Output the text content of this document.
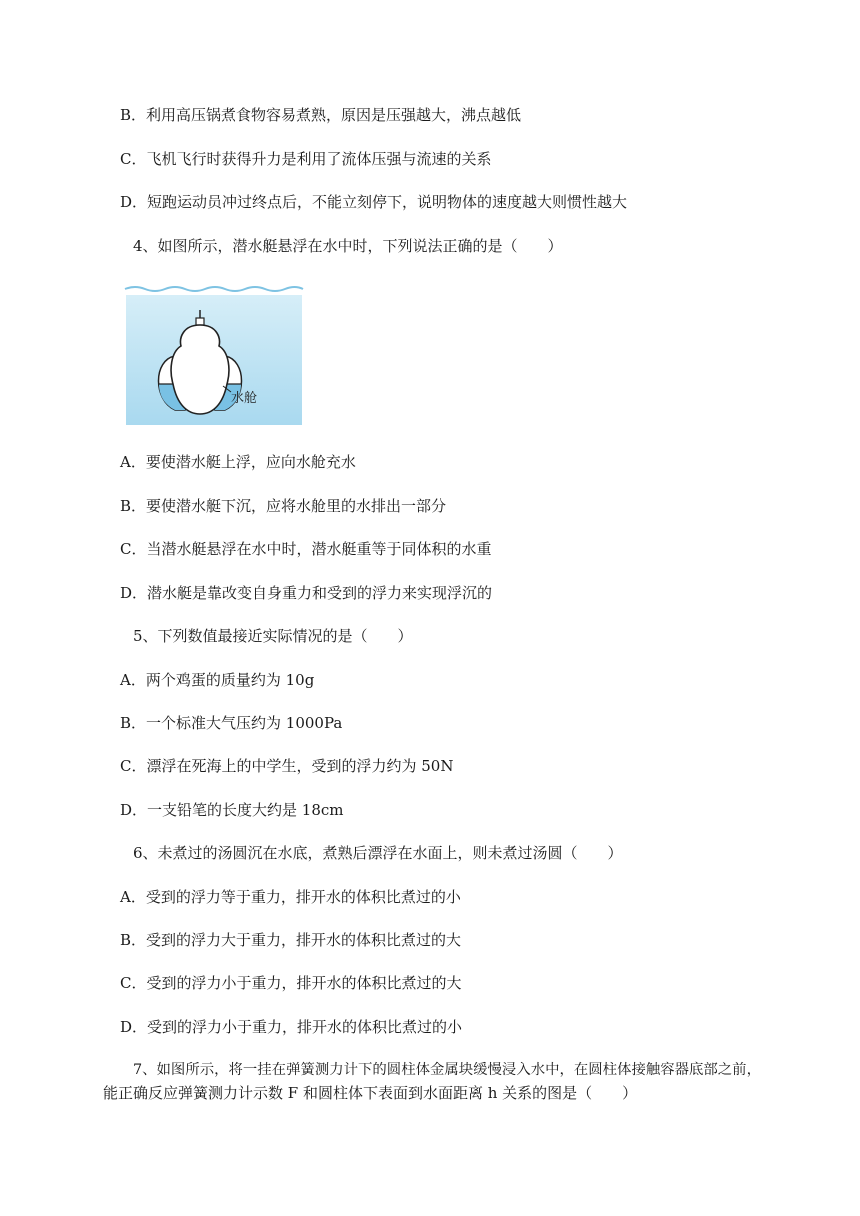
B．利用高压锅煮食物容易煮熟，原因是压强越大，沸点越低
C．飞机飞行时获得升力是利用了流体压强与流速的关系
D．短跑运动员冲过终点后，不能立刻停下，说明物体的速度越大则惯性越大
4、如图所示，潜水艇悬浮在水中时，下列说法正确的是（　　）
水舱
A．要使潜水艇上浮，应向水舱充水
B．要使潜水艇下沉，应将水舱里的水排出一部分
C．当潜水艇悬浮在水中时，潜水艇重等于同体积的水重
D．潜水艇是靠改变自身重力和受到的浮力来实现浮沉的
5、下列数值最接近实际情况的是（　　）
A．两个鸡蛋的质量约为 10g
B．一个标准大气压约为 1000Pa
C．漂浮在死海上的中学生，受到的浮力约为 50N
D．一支铅笔的长度大约是 18cm
6、未煮过的汤圆沉在水底，煮熟后漂浮在水面上，则未煮过汤圆（　　）
A．受到的浮力等于重力，排开水的体积比煮过的小
B．受到的浮力大于重力，排开水的体积比煮过的大
C．受到的浮力小于重力，排开水的体积比煮过的大
D．受到的浮力小于重力，排开水的体积比煮过的小
7、如图所示，将一挂在弹簧测力计下的圆柱体金属块缓慢浸入水中，在圆柱体接触容器底部之前，
能正确反应弹簧测力计示数 F 和圆柱体下表面到水面距离 h 关系的图是（　　）
